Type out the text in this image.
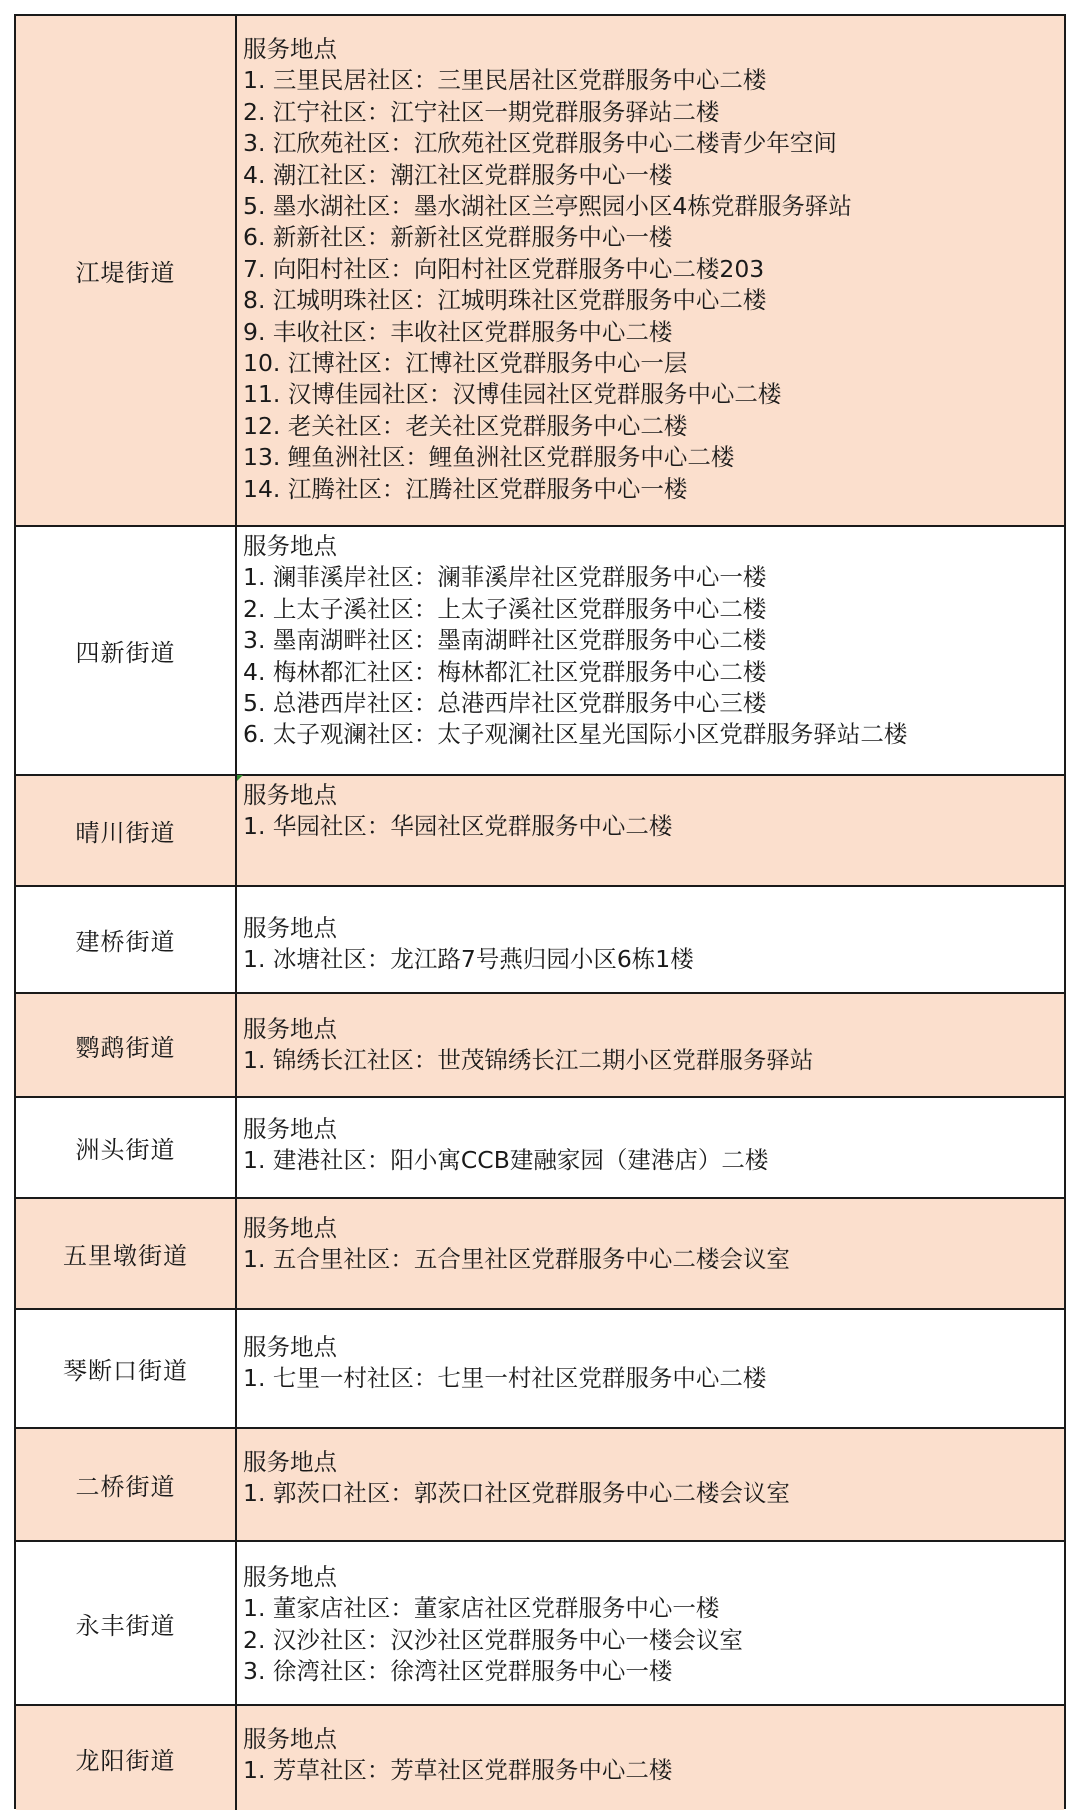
江堤街道
服务地点
1. 三里民居社区：三里民居社区党群服务中心二楼
2. 江宁社区：江宁社区一期党群服务驿站二楼
3. 江欣苑社区：江欣苑社区党群服务中心二楼青少年空间
4. 潮江社区：潮江社区党群服务中心一楼
5. 墨水湖社区：墨水湖社区兰亭熙园小区4栋党群服务驿站
6. 新新社区：新新社区党群服务中心一楼
7. 向阳村社区：向阳村社区党群服务中心二楼203
8. 江城明珠社区：江城明珠社区党群服务中心二楼
9. 丰收社区：丰收社区党群服务中心二楼
10. 江博社区：江博社区党群服务中心一层
11. 汉博佳园社区：汉博佳园社区党群服务中心二楼
12. 老关社区：老关社区党群服务中心二楼
13. 鲤鱼洲社区：鲤鱼洲社区党群服务中心二楼
14. 江腾社区：江腾社区党群服务中心一楼
四新街道
服务地点
1. 澜菲溪岸社区：澜菲溪岸社区党群服务中心一楼
2. 上太子溪社区：上太子溪社区党群服务中心二楼
3. 墨南湖畔社区：墨南湖畔社区党群服务中心二楼
4. 梅林都汇社区：梅林都汇社区党群服务中心二楼
5. 总港西岸社区：总港西岸社区党群服务中心三楼
6. 太子观澜社区：太子观澜社区星光国际小区党群服务驿站二楼
晴川街道
服务地点
1. 华园社区：华园社区党群服务中心二楼
建桥街道	服务地点
1. 冰塘社区：龙江路7号燕归园小区6栋1楼
鹦鹉街道
服务地点
1. 锦绣长江社区：世茂锦绣长江二期小区党群服务驿站
洲头街道
服务地点
1. 建港社区：阳小寓CCB建融家园（建港店）二楼
五里墩街道
服务地点
1. 五合里社区：五合里社区党群服务中心二楼会议室
琴断口街道
服务地点
1. 七里一村社区：七里一村社区党群服务中心二楼
二桥街道
服务地点
1. 郭茨口社区：郭茨口社区党群服务中心二楼会议室
永丰街道
服务地点
1. 董家店社区：董家店社区党群服务中心一楼
2. 汉沙社区：汉沙社区党群服务中心一楼会议室
3. 徐湾社区：徐湾社区党群服务中心一楼
龙阳街道
服务地点
1. 芳草社区：芳草社区党群服务中心二楼
